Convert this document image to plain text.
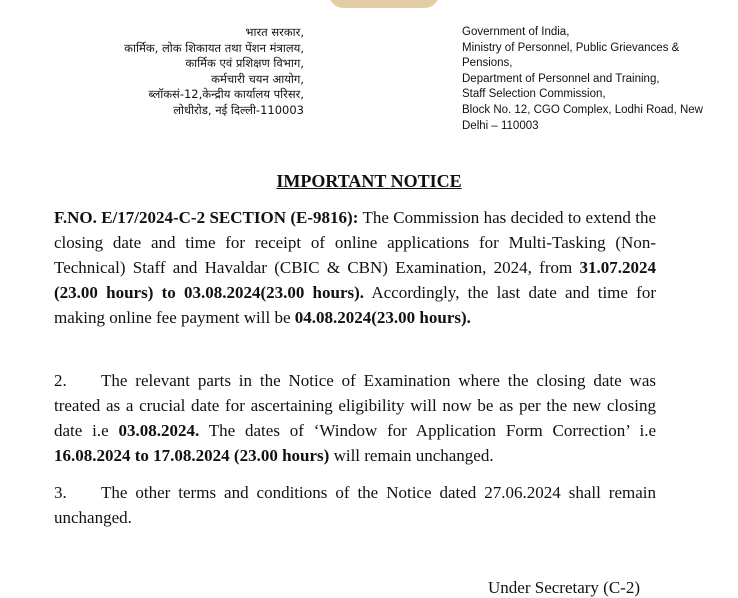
भारत सरकार,
कार्मिक, लोक शिकायत तथा पेंशन मंत्रालय,
कार्मिक एवं प्रशिक्षण विभाग,
कर्मचारी चयन आयोग,
ब्लॉकसं-12,केन्द्रीय कार्यालय परिसर,
लोधीरोड, नई दिल्ली-110003
Government of India,
Ministry of Personnel, Public Grievances &
Pensions,
Department of Personnel and Training,
Staff Selection Commission,
Block No. 12, CGO Complex, Lodhi Road, New
Delhi – 110003
IMPORTANT NOTICE
F.NO. E/17/2024-C-2 SECTION (E-9816): The Commission has decided to extend the closing date and time for receipt of online applications for Multi-Tasking (Non-Technical) Staff and Havaldar (CBIC & CBN) Examination, 2024, from 31.07.2024 (23.00 hours) to 03.08.2024(23.00 hours). Accordingly, the last date and time for making online fee payment will be 04.08.2024(23.00 hours).
2. The relevant parts in the Notice of Examination where the closing date was treated as a crucial date for ascertaining eligibility will now be as per the new closing date i.e 03.08.2024. The dates of ‘Window for Application Form Correction’ i.e 16.08.2024 to 17.08.2024 (23.00 hours) will remain unchanged.
3. The other terms and conditions of the Notice dated 27.06.2024 shall remain unchanged.
Under Secretary (C-2)
